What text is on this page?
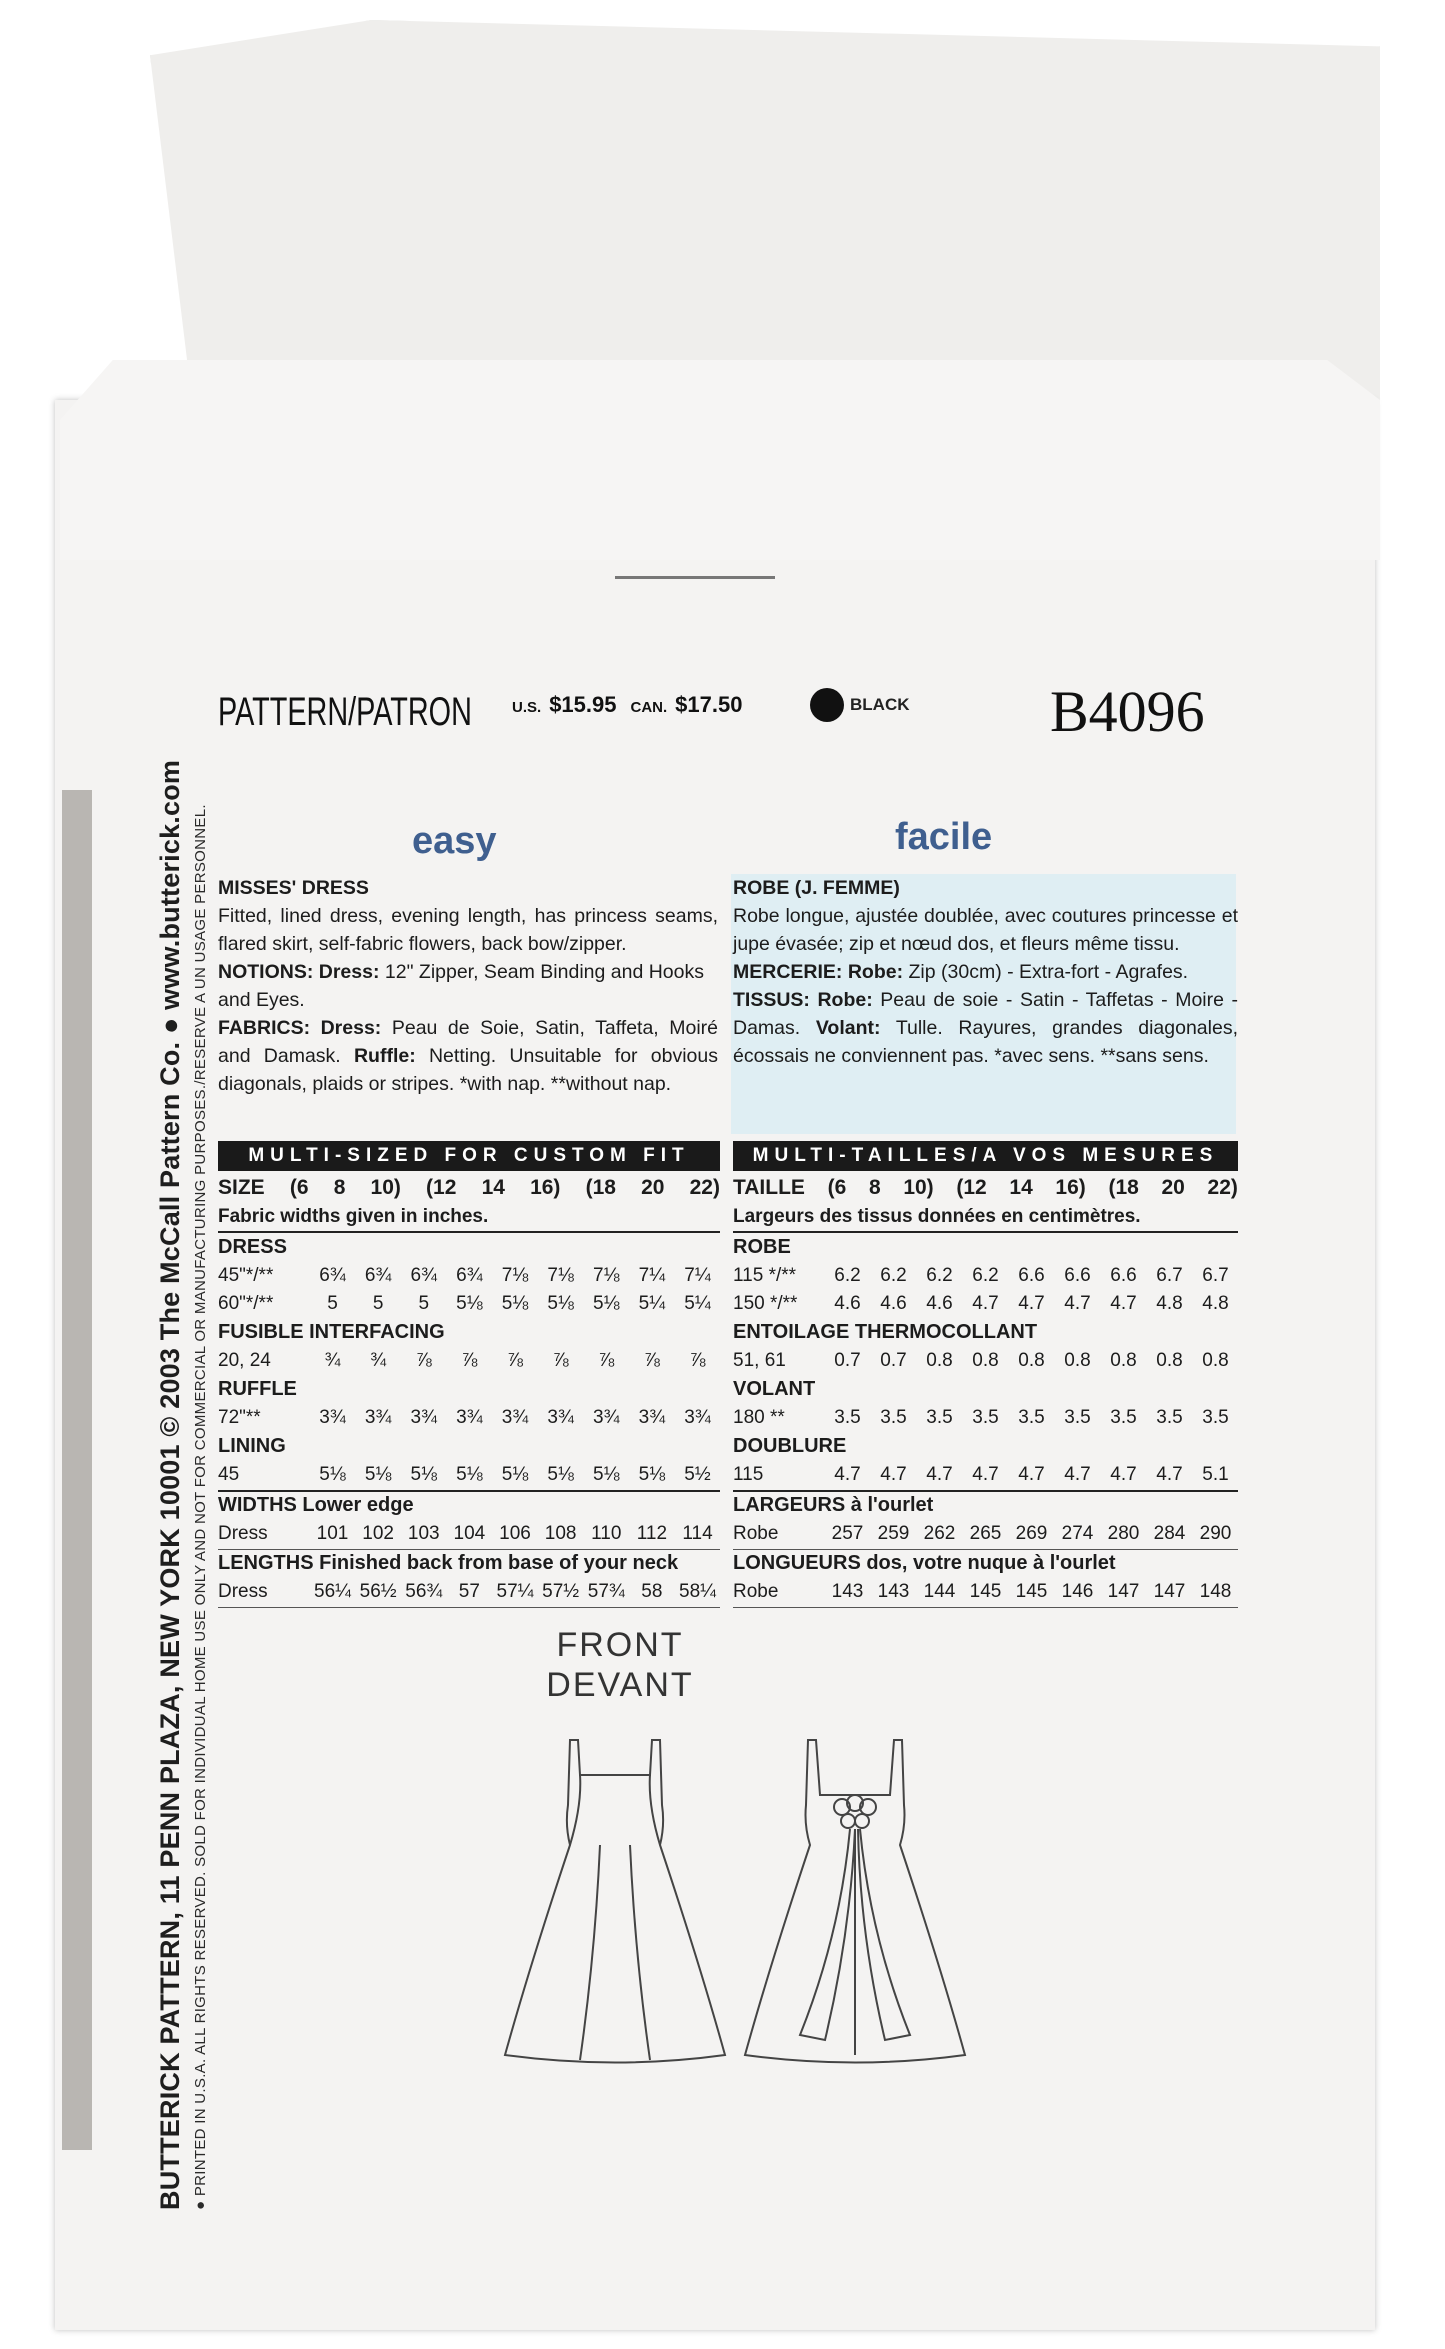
BUTTERICK PATTERN, 11 PENN PLAZA, NEW YORK 10001 © 2003 The McCall Pattern Co. ● www.butterick.com ● PRINTED IN U.S.A. ALL RIGHTS RESERVED. SOLD FOR INDIVIDUAL HOME USE ONLY AND NOT FOR COMMERCIAL OR MANUFACTURING PURPOSES./RESERVE A UN USAGE PERSONNEL.
PATTERN/PATRON	U.S. $15.95 CAN. $17.50	BLACK B4096
easy	facile

MISSES' DRESS

Fitted, lined dress, evening length, has princess seams, flared skirt, self-fabric flowers, back bow/zipper.

NOTIONS: Dress: 12" Zipper, Seam Binding and Hooks and Eyes.

FABRICS: Dress: Peau de Soie, Satin, Taffeta, Moiré and Damask. Ruffle: Netting. Unsuitable for obvious diagonals, plaids or stripes. *with nap. **without nap.

ROBE (J. FEMME)

Robe longue, ajustée doublée, avec coutures princesse et jupe évasée; zip et nœud dos, et fleurs même tissu.

MERCERIE: Robe: Zip (30cm) - Extra-fort - Agrafes.

TISSUS: Robe: Peau de soie - Satin - Taffetas - Moire - Damas. Volant: Tulle. Rayures, grandes diagonales, écossais ne conviennent pas. *avec sens. **sans sens.

MULTI-SIZED FOR CUSTOM FIT	MULTI-TAILLES/A VOS MESURES
SIZE (6 8 10) (12 14 16) (18 20 22)
Fabric widths given in inches.
DRESS
45"*/**	6¾	6¾	6¾	6¾	7⅛	7⅛	7⅛	7¼	7¼
60"*/**	5	5	5	5⅛	5⅛	5⅛	5⅛	5¼	5¼
FUSIBLE INTERFACING
20, 24	¾	¾	⅞	⅞	⅞	⅞	⅞	⅞	⅞
RUFFLE
72"**	3¾	3¾	3¾	3¾	3¾	3¾	3¾	3¾	3¾
LINING
45	5⅛	5⅛	5⅛	5⅛	5⅛	5⅛	5⅛	5⅛	5½
WIDTHS Lower edge
Dress	101 102 103 104 106 108 110 112 114
LENGTHS Finished back from base of your neck
Dress	56¼ 56½ 56¾ 57 57¼ 57½ 57¾ 58 58¼
TAILLE (6 8 10) (12 14 16) (18 20 22)
Largeurs des tissus données en centimètres.
ROBE
115 */**	6.2	6.2	6.2	6.2	6.6	6.6	6.6	6.7	6.7
150 */**	4.6	4.6	4.6	4.7	4.7	4.7	4.7	4.8	4.8
ENTOILAGE THERMOCOLLANT
51, 61	0.7	0.7	0.8	0.8	0.8	0.8	0.8	0.8	0.8
VOLANT
180 **	3.5	3.5	3.5	3.5	3.5	3.5	3.5	3.5	3.5
DOUBLURE
115	4.7	4.7	4.7	4.7	4.7	4.7	4.7	4.7	5.1
LARGEURS à l'ourlet
Robe	257 259 262 265 269 274 280 284 290
LONGUEURS dos, votre nuque à l'ourlet
Robe	143 143 144 145 145 146 147 147 148
FRONT
DEVANT
